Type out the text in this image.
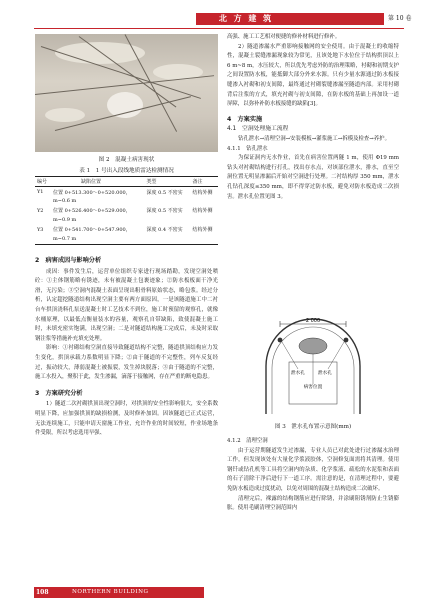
北 方 建 筑	第 10 卷
图 2　混凝土病害现状
表 1　1 号出入段线地质雷达检测情况
编号	缺陷位置	类型	备注
Y1	位置 0+513.300～0+520.000，	深度 0.5 不密实	结构外侧
	m~0.6 m		
Y2	位置 0+526.400～0+529.000，	深度 0.5 不密实	结构外侧
	m~0.9 m		
Y3	位置 0+541.700～0+547.900，	深度 0.4 不密实	结构外侧
	m~0.7 m		

2　病害成因与影响分析

成因：事件发生后，运营单位组织专家进行现场踏勘，发现空洞处喷砼：①主体钢筋略有锈迹，未有被混凝土包裹迹象；②防水板板面干净光滑，无污染；③空洞内混凝土表面呈现出粗骨料原始状态，略包浆。经过分析，认定超挖隧道结构出现空洞主要有两方面原因，一是该隧道施工中二衬台车拱顶浇料孔泵送混凝土时工艺技术不到位，施工时预留的观察孔，就像水桶原理，以最低点衡量装水的容量，观察孔自带缺陷，致使混凝土施工时，未填充密实饱满，出现空洞；二是对隧道结构施工完成后，未及时采取钢注浆等措施补充填充处理。

影响：①衬砌结构空洞直接导致隧道结构不完整，隧道拱顶结构应力发生变化，拱顶承载力系数明显下降；②由于隧道的不完整性，列车反复经过，振动较大，薄弱混凝土被振裂，发生掉块脱落；③由于隧道的不完整，施工水投入，聚积于此，发生渗漏，滴落于接触网，存在严重的断电隐患。

3　方案研究分析

1）隧道二次衬砌拱顶出现空洞时，对拱顶的安全性影响很大，安全系数明显下降，应加强拱顶的缺损检测，及时修补加固。因该隧道已正式运营，无法连续施工，只能申请天窗施工作业，允许作业的时间较短，作业场地条件受限，所以考虑选用早强、

高强、施工工艺相对便捷的修补材料进行修补。

2）隧道渗漏水严重影响接触网的安全使用。由于混凝土的收缩特性，混凝土裂缝渗漏现象较为常见，且该处地下水位位于结构拱顶以上 6 m~8 m，水压较大，所以优先考虑外防的治理策略，衬砌和初期支护之间设置防水板，能抵御大部分外来水源。只有少量水源通过防水板接缝渗入衬砌和初支间隙，最终通过衬砌裂缝渗漏至隧道内部。采用衬砌背后注浆的方式，填充衬砌与初支间隙，在防水板的基础上再加设一道屏障，以弥补补防水板接缝的缺陷[3]。

4　方案实施

4.1　空洞处理施工流程

钻孔泄水→清理空洞→安装模板→灌浆施工→拆模及检查→养护。

4.1.1　钻孔泄水

为保证洞内无水作业，首先在病害位置两隧 1 m，使用 Φ19 mm 钻头对衬砌结构进行打孔，找出存水点，对该部位泄水，排水，直至空洞位置无明显渗漏后开始对空洞进行处理。二衬结构厚 350 mm，泄水孔钻孔深度≤350 mm，即不得穿过防水板，避免对防水板造成二次损害。泄水孔位置见图 3。

2 000
泄水孔	泄水孔
病害位置
图 3　泄水孔布置示意图(mm)

4.1.2　清理空洞

由于运营期隧道发生过渗漏，专业人员已对此处进行过渗漏水治理工作，但发现该处有大量化学浆液胶体，空洞修复面需将其清理。使用钢钎或钻孔机等工具将空洞内的杂质、化学浆液、疏松的水泥浆和表面的石子清除干净后进行下一道工序。需注意的是，在清理过程中，要避免防水板造成过度扰动，以免对周围的混凝土结构造成二次破坏。

清理完后，裸露的结构钢筋应进行除锈，并涂刷阻锈剂防止生锈膨胀。使用毛刷清理空洞范围内

108	NORTHERN BUILDING
